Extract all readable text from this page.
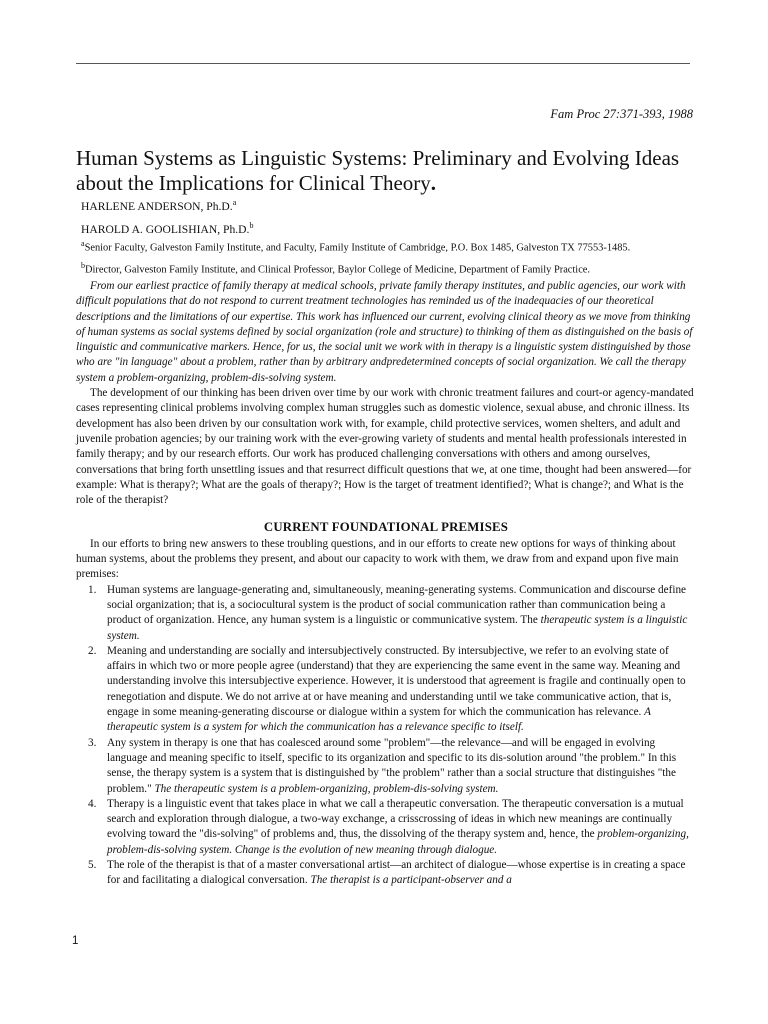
Fam Proc 27:371-393, 1988
Human Systems as Linguistic Systems: Preliminary and Evolving Ideas about the Implications for Clinical Theory.
HARLENE ANDERSON, Ph.D.$^a$
HAROLD A. GOOLISHIAN, Ph.D.$^b$
$^a$Senior Faculty, Galveston Family Institute, and Faculty, Family Institute of Cambridge, P.O. Box 1485, Galveston TX 77553-1485.
$^b$Director, Galveston Family Institute, and Clinical Professor, Baylor College of Medicine, Department of Family Practice.

From our earliest practice of family therapy at medical schools, private family therapy institutes, and public agencies, our work with difficult populations that do not respond to current treatment technologies has reminded us of the inadequacies of our theoretical descriptions and the limitations of our expertise. This work has influenced our current, evolving clinical theory as we move from thinking of human systems as social systems defined by social organization (role and structure) to thinking of them as distinguished on the basis of linguistic and communicative markers. Hence, for us, the social unit we work with in therapy is a linguistic system distinguished by those who are "in language" about a problem, rather than by arbitrary andpredetermined concepts of social organization. We call the therapy system a problem-organizing, problem-dis-solving system.

The development of our thinking has been driven over time by our work with chronic treatment failures and court-or agency-mandated cases representing clinical problems involving complex human struggles such as domestic violence, sexual abuse, and chronic illness. Its development has also been driven by our consultation work with, for example, child protective services, women shelters, and adult and juvenile probation agencies; by our training work with the ever-growing variety of students and mental health professionals interested in family therapy; and by our research efforts. Our work has produced challenging conversations with others and among ourselves, conversations that bring forth unsettling issues and that resurrect difficult questions that we, at one time, thought had been answered—for example: What is therapy?; What are the goals of therapy?; How is the target of treatment identified?; What is change?; and What is the role of the therapist?

CURRENT FOUNDATIONAL PREMISES

In our efforts to bring new answers to these troubling questions, and in our efforts to create new options for ways of thinking about human systems, about the problems they present, and about our capacity to work with them, we draw from and expand upon five main premises:

1. Human systems are language-generating and, simultaneously, meaning-generating systems. Communication and discourse define social organization; that is, a sociocultural system is the product of social communication rather than communication being a product of organization. Hence, any human system is a linguistic or communicative system. The therapeutic system is a linguistic system.
2. Meaning and understanding are socially and intersubjectively constructed. By intersubjective, we refer to an evolving state of affairs in which two or more people agree (understand) that they are experiencing the same event in the same way. Meaning and understanding involve this intersubjective experience. However, it is understood that agreement is fragile and continually open to renegotiation and dispute. We do not arrive at or have meaning and understanding until we take communicative action, that is, engage in some meaning-generating discourse or dialogue within a system for which the communication has relevance. A therapeutic system is a system for which the communication has a relevance specific to itself.
3. Any system in therapy is one that has coalesced around some "problem"—the relevance—and will be engaged in evolving language and meaning specific to itself, specific to its organization and specific to its dis-solution around "the problem." In this sense, the therapy system is a system that is distinguished by "the problem" rather than a social structure that distinguishes "the problem." The therapeutic system is a problem-organizing, problem-dis-solving system.
4. Therapy is a linguistic event that takes place in what we call a therapeutic conversation. The therapeutic conversation is a mutual search and exploration through dialogue, a two-way exchange, a crisscrossing of ideas in which new meanings are continually evolving toward the "dis-solving" of problems and, thus, the dissolving of the therapy system and, hence, the problem-organizing, problem-dis-solving system. Change is the evolution of new meaning through dialogue.
5. The role of the therapist is that of a master conversational artist—an architect of dialogue—whose expertise is in creating a space for and facilitating a dialogical conversation. The therapist is a participant-observer and a
1
